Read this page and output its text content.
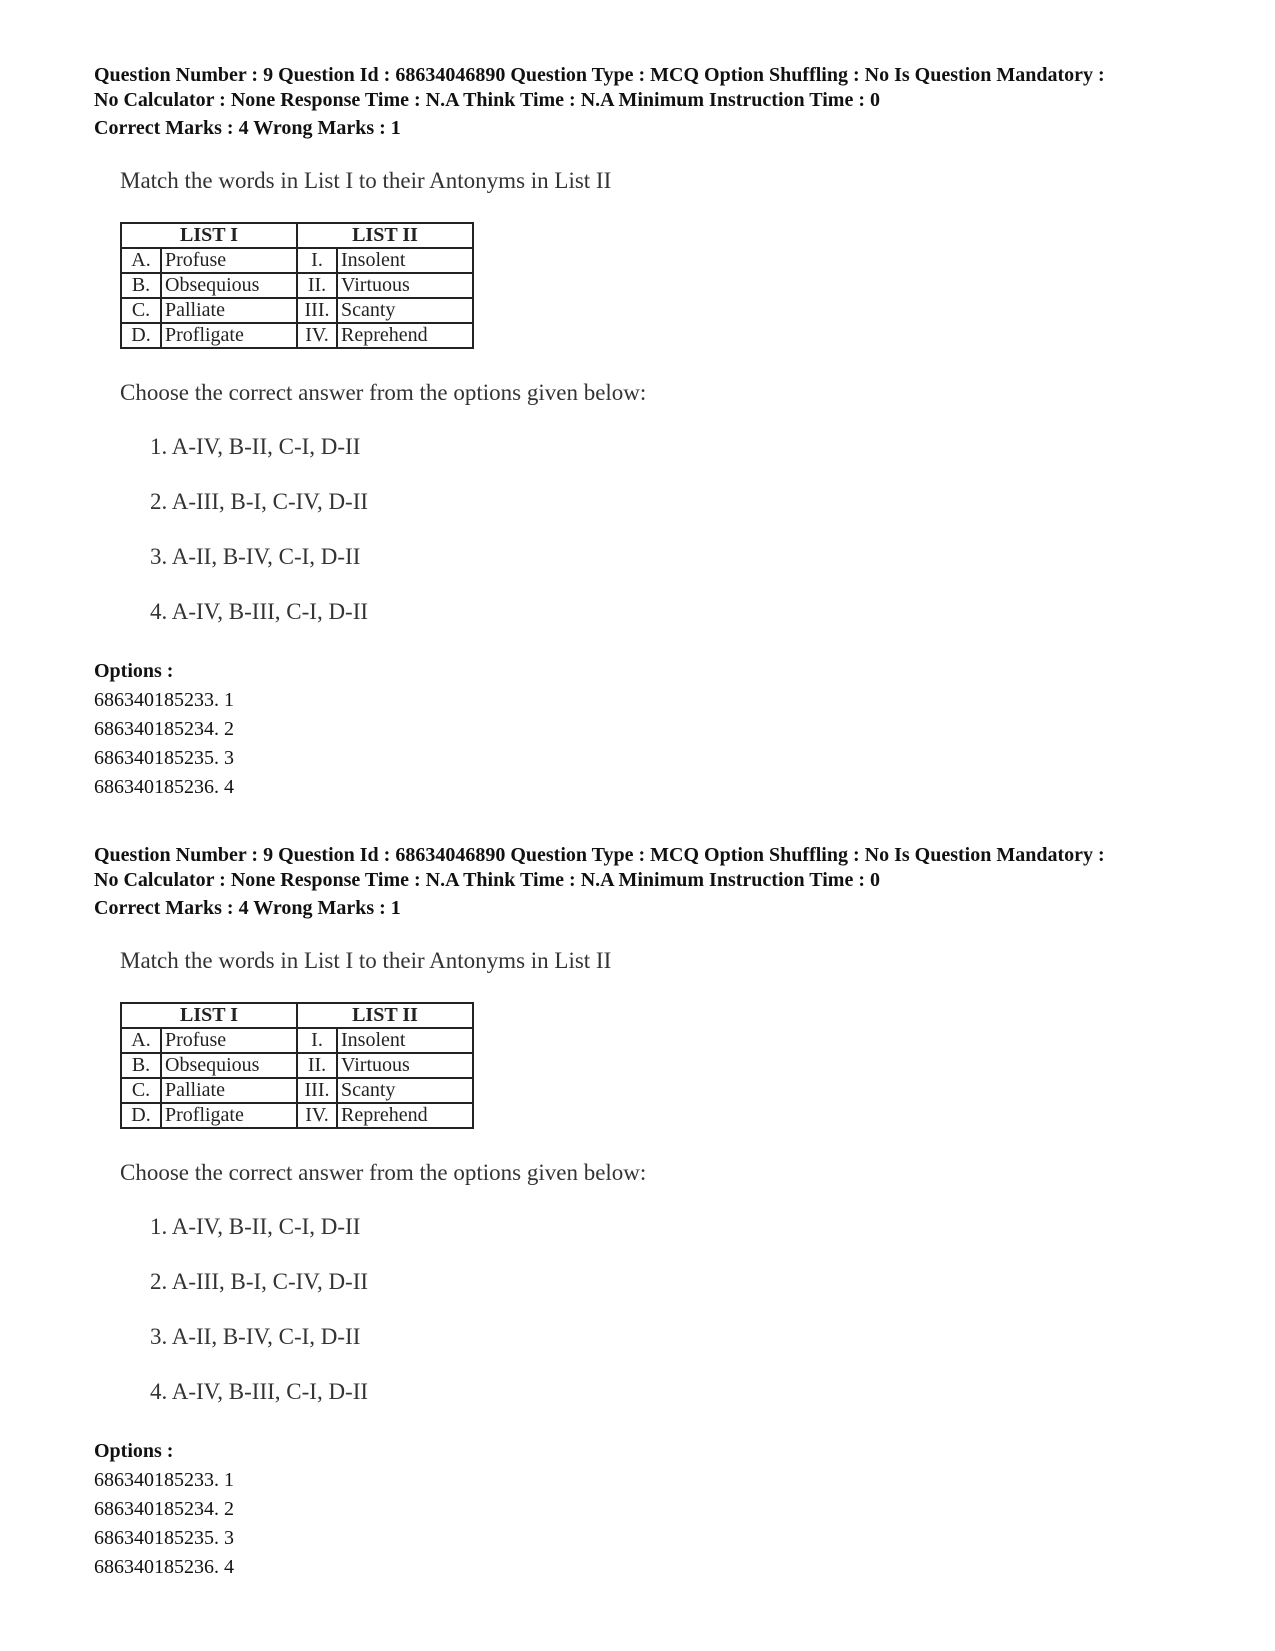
Question Number : 9 Question Id : 68634046890 Question Type : MCQ Option Shuffling : No Is Question Mandatory :
No Calculator : None Response Time : N.A Think Time : N.A Minimum Instruction Time : 0
Correct Marks : 4 Wrong Marks : 1
Match the words in List I to their Antonyms in List II
LIST I		LIST II	
A.	Profuse	I.	Insolent
B.	Obsequious	II.	Virtuous
C.	Palliate	III.	Scanty
D.	Profligate	IV.	Reprehend
Choose the correct answer from the options given below:
1. A-IV, B-II, C-I, D-II
2. A-III, B-I, C-IV, D-II
3. A-II, B-IV, C-I, D-II
4. A-IV, B-III, C-I, D-II
Options :
686340185233. 1
686340185234. 2
686340185235. 3
686340185236. 4
Question Number : 9 Question Id : 68634046890 Question Type : MCQ Option Shuffling : No Is Question Mandatory :
No Calculator : None Response Time : N.A Think Time : N.A Minimum Instruction Time : 0
Correct Marks : 4 Wrong Marks : 1
Match the words in List I to their Antonyms in List II
LIST I		LIST II	
A.	Profuse	I.	Insolent
B.	Obsequious	II.	Virtuous
C.	Palliate	III.	Scanty
D.	Profligate	IV.	Reprehend
Choose the correct answer from the options given below:
1. A-IV, B-II, C-I, D-II
2. A-III, B-I, C-IV, D-II
3. A-II, B-IV, C-I, D-II
4. A-IV, B-III, C-I, D-II
Options :
686340185233. 1
686340185234. 2
686340185235. 3
686340185236. 4
